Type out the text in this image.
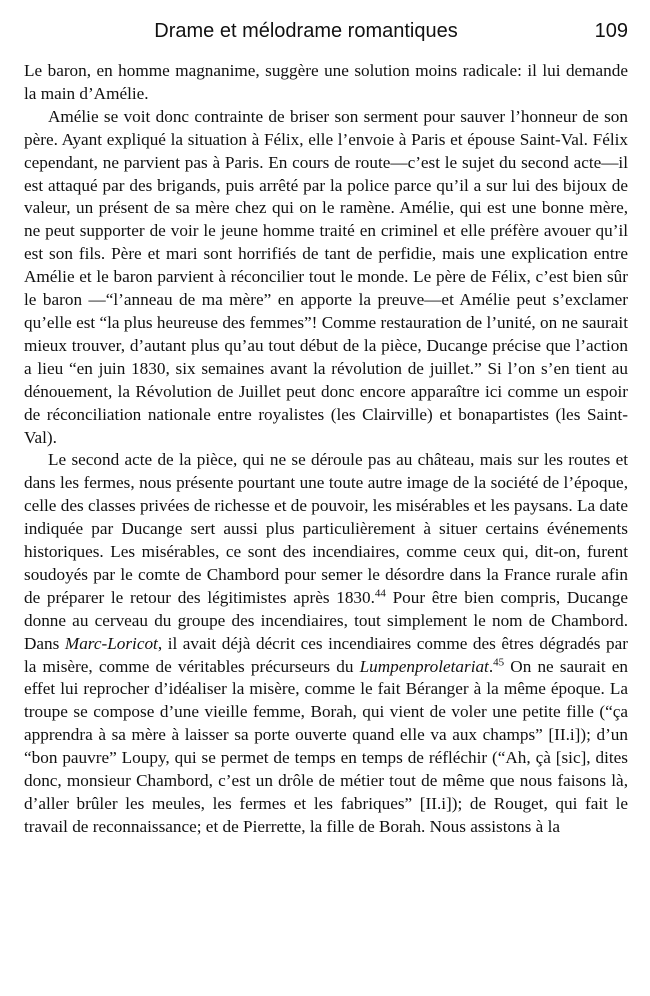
Drame et mélodrame romantiques	109

Le baron, en homme magnanime, suggère une solution moins radicale: il lui demande la main d’Amélie.

Amélie se voit donc contrainte de briser son serment pour sauver l’honneur de son père. Ayant expliqué la situation à Félix, elle l’envoie à Paris et épouse Saint-Val. Félix cependant, ne parvient pas à Paris. En cours de route—c’est le sujet du second acte—il est attaqué par des brigands, puis arrêté par la police parce qu’il a sur lui des bijoux de valeur, un présent de sa mère chez qui on le ramène. Amélie, qui est une bonne mère, ne peut supporter de voir le jeune homme traité en criminel et elle préfère avouer qu’il est son fils. Père et mari sont horrifiés de tant de perfidie, mais une explication entre Amélie et le baron parvient à réconcilier tout le monde. Le père de Félix, c’est bien sûr le baron —“l’anneau de ma mère” en apporte la preuve—et Amélie peut s’exclamer qu’elle est “la plus heureuse des femmes”! Comme restauration de l’unité, on ne saurait mieux trouver, d’autant plus qu’au tout début de la pièce, Ducange précise que l’action a lieu “en juin 1830, six semaines avant la révolution de juillet.” Si l’on s’en tient au dénouement, la Révolution de Juillet peut donc encore apparaître ici comme un espoir de réconciliation nationale entre royalistes (les Clairville) et bonapartistes (les Saint-Val).

Le second acte de la pièce, qui ne se déroule pas au château, mais sur les routes et dans les fermes, nous présente pourtant une toute autre image de la société de l’époque, celle des classes privées de richesse et de pouvoir, les misérables et les paysans. La date indiquée par Ducange sert aussi plus particulièrement à situer certains événements historiques. Les misérables, ce sont des incendiaires, comme ceux qui, dit-on, furent soudoyés par le comte de Chambord pour semer le désordre dans la France rurale afin de préparer le retour des légitimistes après 1830.44 Pour être bien compris, Ducange donne au cerveau du groupe des incendiaires, tout simplement le nom de Chambord. Dans Marc-Loricot, il avait déjà décrit ces incendiaires comme des êtres dégradés par la misère, comme de véritables précurseurs du Lumpenproletariat.$^{45}$ On ne saurait en effet lui reprocher d’idéaliser la misère, comme le fait Béranger à la même époque. La troupe se compose d’une vieille femme, Borah, qui vient de voler une petite fille (“ça apprendra à sa mère à laisser sa porte ouverte quand elle va aux champs” [II.i]); d’un “bon pauvre” Loupy, qui se permet de temps en temps de réfléchir (“Ah, çà [sic], dites donc, monsieur Chambord, c’est un drôle de métier tout de même que nous faisons là, d’aller brûler les meules, les fermes et les fabriques” [II.i]); de Rouget, qui fait le travail de reconnaissance; et de Pierrette, la fille de Borah. Nous assistons à la
